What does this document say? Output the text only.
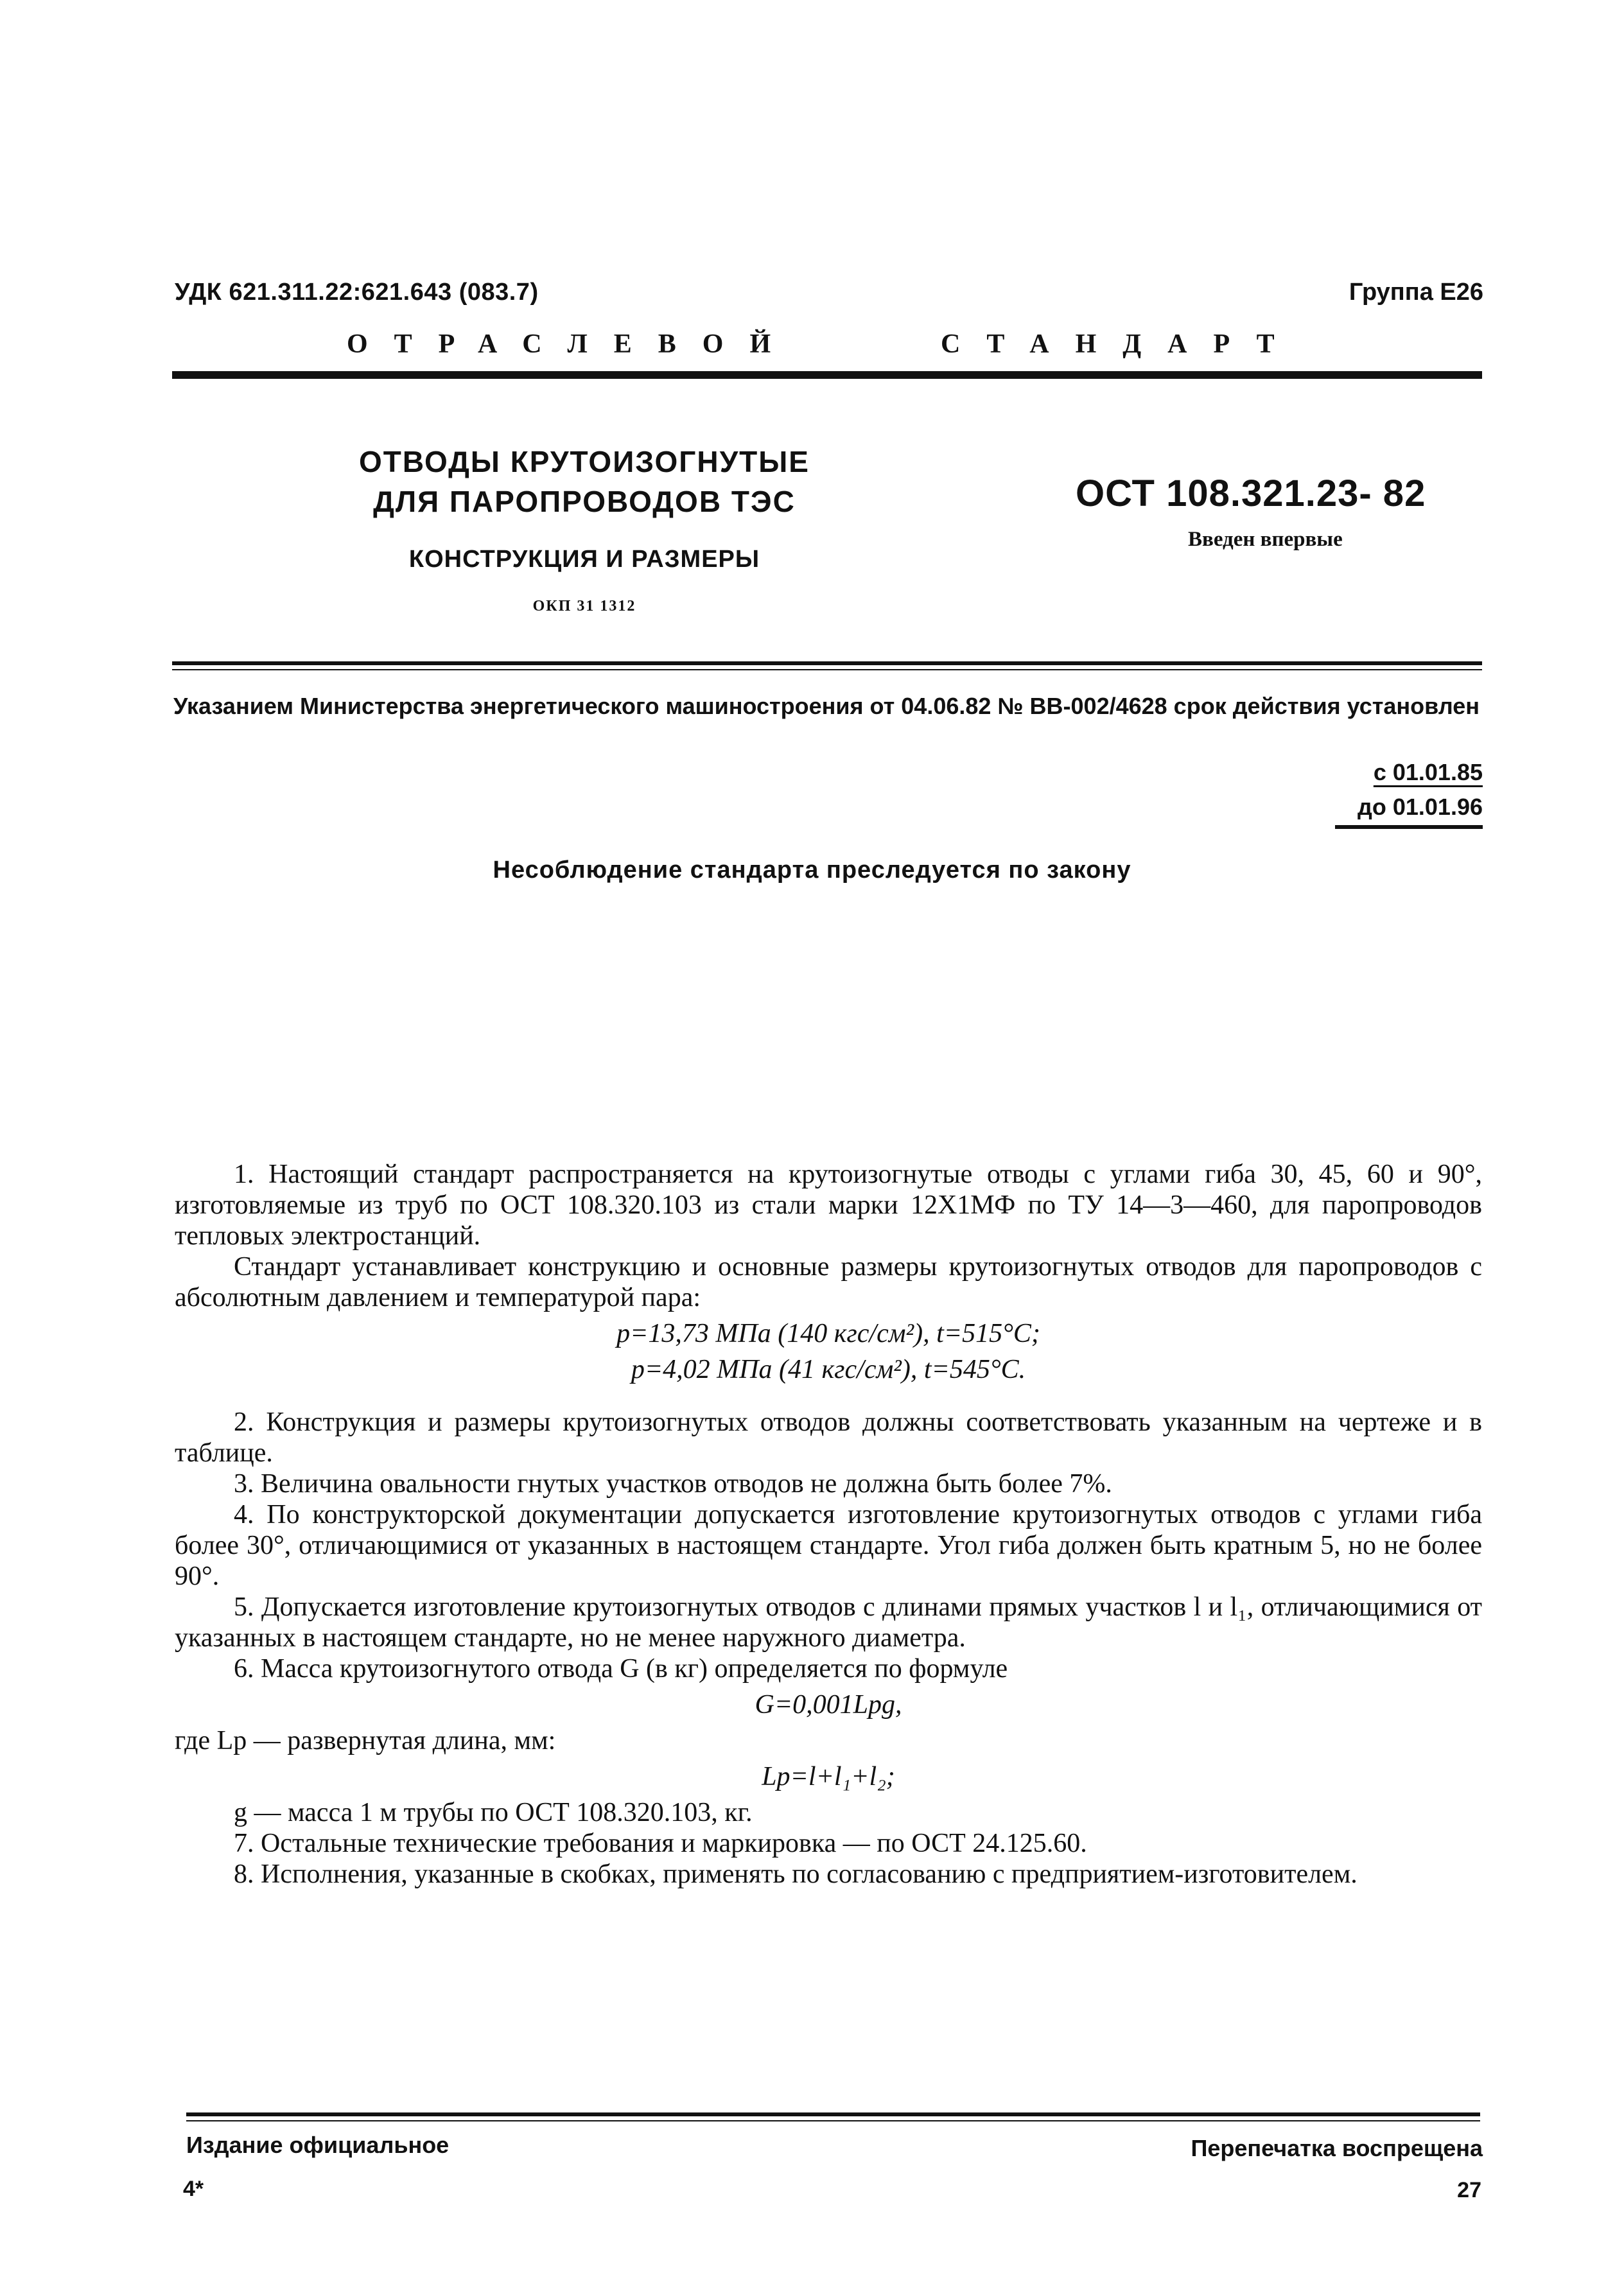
УДК 621.311.22:621.643 (083.7)	Группа Е26
ОТРАСЛЕВОЙ	СТАНДАРТ
ОТВОДЫ КРУТОИЗОГНУТЫЕ
ДЛЯ ПАРОПРОВОДОВ ТЭС
КОНСТРУКЦИЯ И РАЗМЕРЫ
ОКП 31 1312
ОСТ 108.321.23- 82
Введен впервые
Указанием Министерства энергетического машиностроения от 04.06.82 № ВВ-002/4628 срок действия установлен
с 01.01.85
до 01.01.96
Несоблюдение стандарта преследуется по закону

1. Настоящий стандарт распространяется на крутоизогнутые отводы с углами гиба 30, 45, 60 и 90°, изготовляемые из труб по ОСТ 108.320.103 из стали марки 12Х1МФ по ТУ 14—3—460, для паропроводов тепловых электростанций.

Стандарт устанавливает конструкцию и основные размеры крутоизогнутых отводов для паропроводов с абсолютным давлением и температурой пара:

p=13,73 МПа (140 кгс/см²), t=515°С;

p=4,02 МПа (41 кгс/см²), t=545°С.

2. Конструкция и размеры крутоизогнутых отводов должны соответствовать указанным на чертеже и в таблице.

3. Величина овальности гнутых участков отводов не должна быть более 7%.

4. По конструкторской документации допускается изготовление крутоизогнутых отводов с углами гиба более 30°, отличающимися от указанных в настоящем стандарте. Угол гиба должен быть кратным 5, но не более 90°.

5. Допускается изготовление крутоизогнутых отводов с длинами прямых участков l и l₁, отличающимися от указанных в настоящем стандарте, но не менее наружного диаметра.

6. Масса крутоизогнутого отвода G (в кг) определяется по формуле

G=0,001Lpg,

где Lp — развернутая длина, мм:

Lp=l+l₁+l₂;

g — масса 1 м трубы по ОСТ 108.320.103, кг.

7. Остальные технические требования и маркировка — по ОСТ 24.125.60.

8. Исполнения, указанные в скобках, применять по согласованию с предприятием-изготовителем.

Издание официальное	Перепечатка воспрещена
4*	27
